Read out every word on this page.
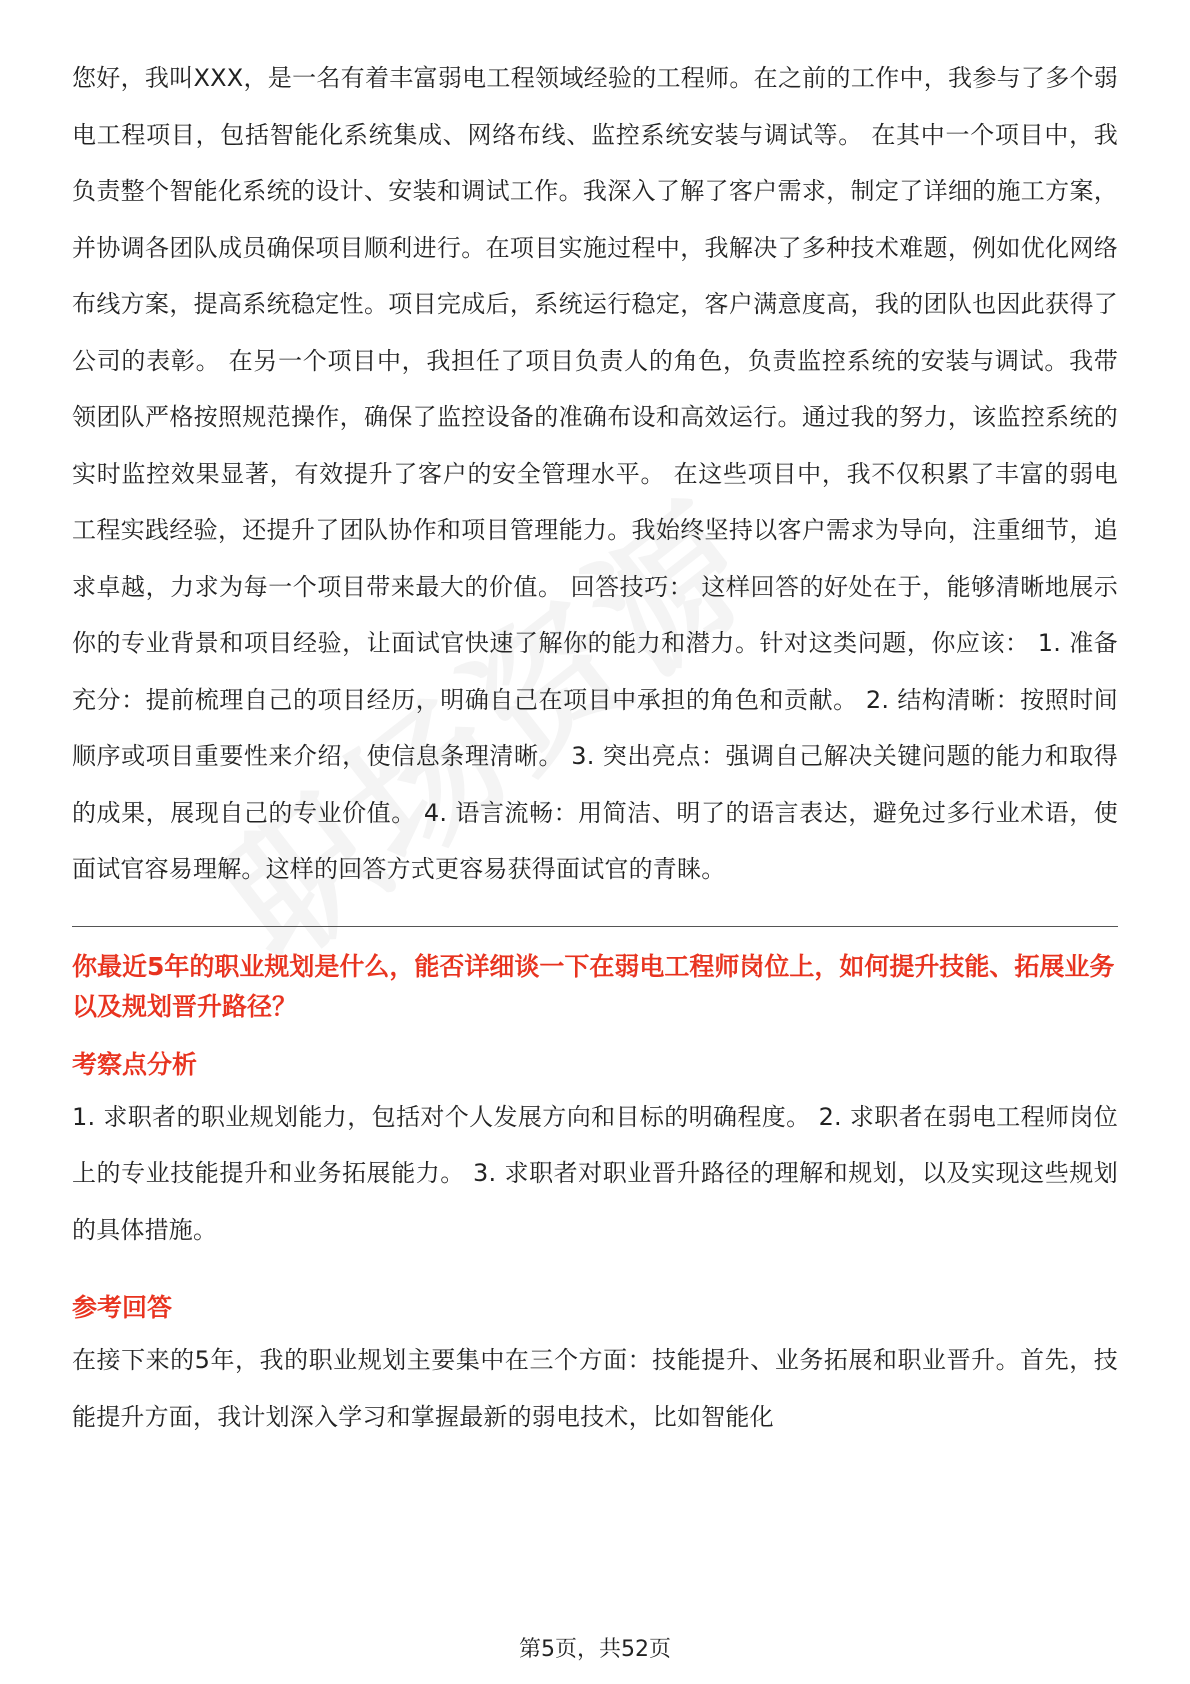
您好，我叫XXX，是一名有着丰富弱电工程领域经验的工程师。在之前的工作中，我参与了多个弱电工程项目，包括智能化系统集成、网络布线、监控系统安装与调试等。 在其中一个项目中，我负责整个智能化系统的设计、安装和调试工作。我深入了解了客户需求，制定了详细的施工方案，并协调各团队成员确保项目顺利进行。在项目实施过程中，我解决了多种技术难题，例如优化网络布线方案，提高系统稳定性。项目完成后，系统运行稳定，客户满意度高，我的团队也因此获得了公司的表彰。 在另一个项目中，我担任了项目负责人的角色，负责监控系统的安装与调试。我带领团队严格按照规范操作，确保了监控设备的准确布设和高效运行。通过我的努力，该监控系统的实时监控效果显著，有效提升了客户的安全管理水平。 在这些项目中，我不仅积累了丰富的弱电工程实践经验，还提升了团队协作和项目管理能力。我始终坚持以客户需求为导向，注重细节，追求卓越，力求为每一个项目带来最大的价值。 回答技巧： 这样回答的好处在于，能够清晰地展示你的专业背景和项目经验，让面试官快速了解你的能力和潜力。针对这类问题，你应该： 1. 准备充分：提前梳理自己的项目经历，明确自己在项目中承担的角色和贡献。 2. 结构清晰：按照时间顺序或项目重要性来介绍，使信息条理清晰。 3. 突出亮点：强调自己解决关键问题的能力和取得的成果，展现自己的专业价值。 4. 语言流畅：用简洁、明了的语言表达，避免过多行业术语，使面试官容易理解。这样的回答方式更容易获得面试官的青睐。

你最近5年的职业规划是什么，能否详细谈一下在弱电工程师岗位上，如何提升技能、拓展业务以及规划晋升路径？

考察点分析

1. 求职者的职业规划能力，包括对个人发展方向和目标的明确程度。 2. 求职者在弱电工程师岗位上的专业技能提升和业务拓展能力。 3. 求职者对职业晋升路径的理解和规划，以及实现这些规划的具体措施。

参考回答

在接下来的5年，我的职业规划主要集中在三个方面：技能提升、业务拓展和职业晋升。首先，技能提升方面，我计划深入学习和掌握最新的弱电技术，比如智能化

第5页，共52页
